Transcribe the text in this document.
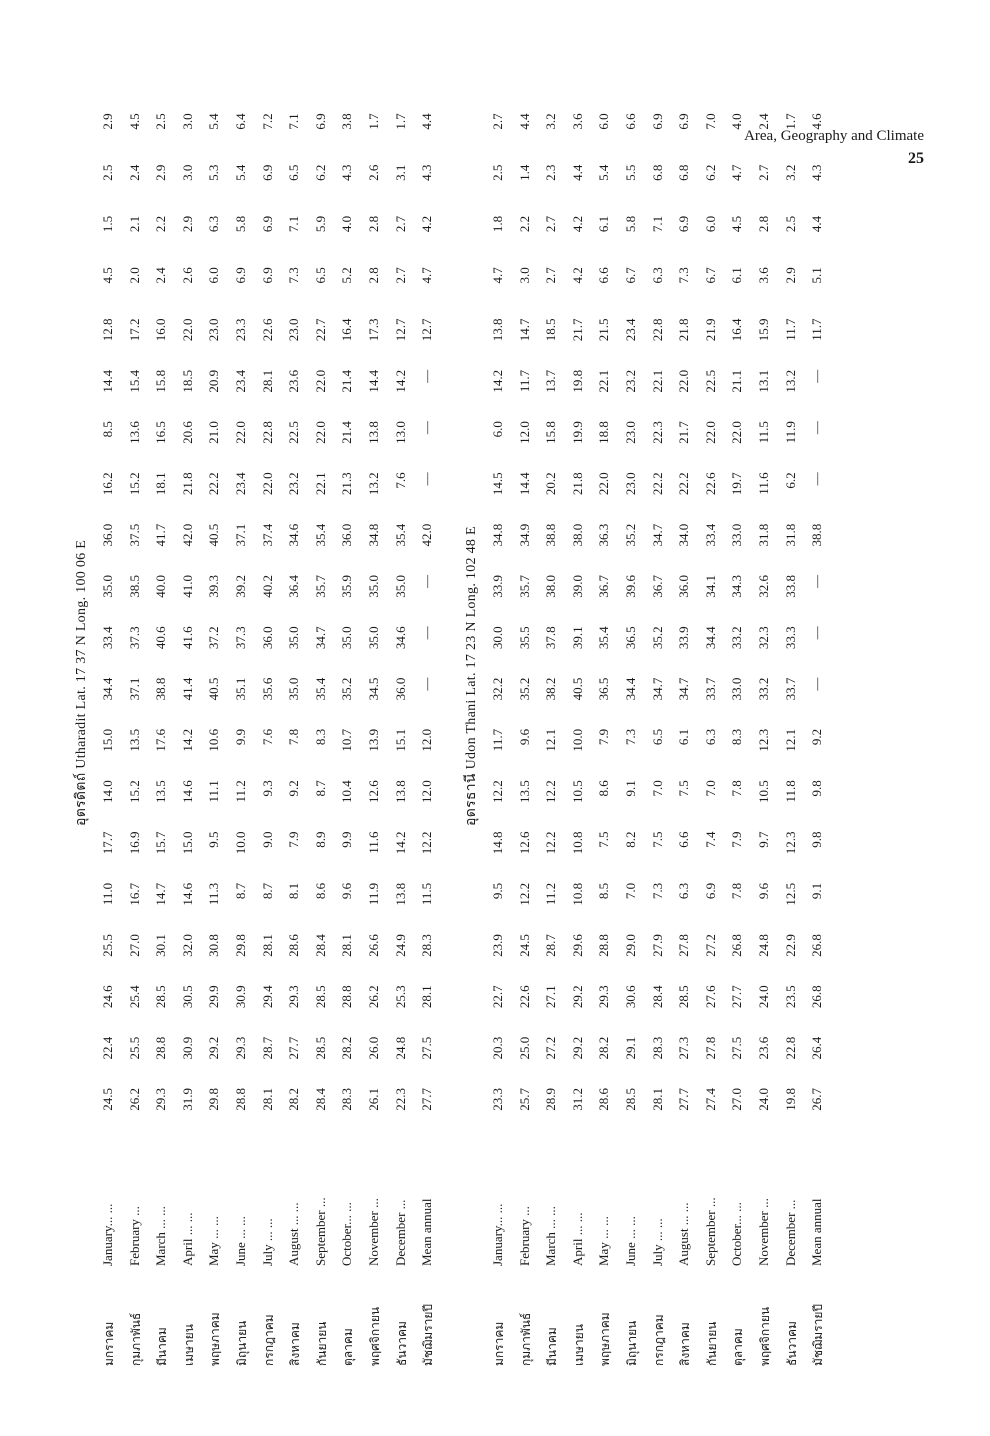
Area, Geography and Climate
25
อุตรดิตถ์ Utharadit Lat. 17 37 N Long. 100 06 E
มกราคม
January... ...
24.5
22.4
24.6
25.5
11.0
17.7
14.0
15.0
34.4
33.4
35.0
36.0
16.2
8.5
14.4
12.8
4.5
1.5
2.5
2.9
กุมภาพันธ์
February ...
26.2
25.5
25.4
27.0
16.7
16.9
15.2
13.5
37.1
37.3
38.5
37.5
15.2
13.6
15.4
17.2
2.0
2.1
2.4
4.5
มีนาคม
March ... ...
29.3
28.8
28.5
30.1
14.7
15.7
13.5
17.6
38.8
40.6
40.0
41.7
18.1
16.5
15.8
16.0
2.4
2.2
2.9
2.5
เมษายน
April ... ...
31.9
30.9
30.5
32.0
14.6
15.0
14.6
14.2
41.4
41.6
41.0
42.0
21.8
20.6
18.5
22.0
2.6
2.9
3.0
3.0
พฤษภาคม
May ... ...
29.8
29.2
29.9
30.8
11.3
9.5
11.1
10.6
40.5
37.2
39.3
40.5
22.2
21.0
20.9
23.0
6.0
6.3
5.3
5.4
มิถุนายน
June ... ...
28.8
29.3
30.9
29.8
8.7
10.0
11.2
9.9
35.1
37.3
39.2
37.1
23.4
22.0
23.4
23.3
6.9
5.8
5.4
6.4
กรกฎาคม
July ... ...
28.1
28.7
29.4
28.1
8.7
9.0
9.3
7.6
35.6
36.0
40.2
37.4
22.0
22.8
28.1
22.6
6.9
6.9
6.9
7.2
สิงหาคม
August ... ...
28.2
27.7
29.3
28.6
8.1
7.9
9.2
7.8
35.0
35.0
36.4
34.6
23.2
22.5
23.6
23.0
7.3
7.1
6.5
7.1
กันยายน
September ...
28.4
28.5
28.5
28.4
8.6
8.9
8.7
8.3
35.4
34.7
35.7
35.4
22.1
22.0
22.0
22.7
6.5
5.9
6.2
6.9
ตุลาคม
October... ...
28.3
28.2
28.8
28.1
9.6
9.9
10.4
10.7
35.2
35.0
35.9
36.0
21.3
21.4
21.4
16.4
5.2
4.0
4.3
3.8
พฤศจิกายน
November ...
26.1
26.0
26.2
26.6
11.9
11.6
12.6
13.9
34.5
35.0
35.0
34.8
13.2
13.8
14.4
17.3
2.8
2.8
2.6
1.7
ธันวาคม
December ...
22.3
24.8
25.3
24.9
13.8
14.2
13.8
15.1
36.0
34.6
35.0
35.4
7.6
13.0
14.2
12.7
2.7
2.7
3.1
1.7
มัชฌิมรายปี
Mean annual
27.7
27.5
28.1
28.3
11.5
12.2
12.0
12.0
—
—
—
42.0
—
—
—
12.7
4.7
4.2
4.3
4.4
อุดรธานี Udon Thani Lat. 17 23 N Long. 102 48 E
มกราคม
January... ...
23.3
20.3
22.7
23.9
9.5
14.8
12.2
11.7
32.2
30.0
33.9
34.8
14.5
6.0
14.2
13.8
4.7
1.8
2.5
2.7
กุมภาพันธ์
February ...
25.7
25.0
22.6
24.5
12.2
12.6
13.5
9.6
35.2
35.5
35.7
34.9
14.4
12.0
11.7
14.7
3.0
2.2
1.4
4.4
มีนาคม
March ... ...
28.9
27.2
27.1
28.7
11.2
12.2
12.2
12.1
38.2
37.8
38.0
38.8
20.2
15.8
13.7
18.5
2.7
2.7
2.3
3.2
เมษายน
April ... ...
31.2
29.2
29.2
29.6
10.8
10.8
10.5
10.0
40.5
39.1
39.0
38.0
21.8
19.9
19.8
21.7
4.2
4.2
4.4
3.6
พฤษภาคม
May ... ...
28.6
28.2
29.3
28.8
8.5
7.5
8.6
7.9
36.5
35.4
36.7
36.3
22.0
18.8
22.1
21.5
6.6
6.1
5.4
6.0
มิถุนายน
June ... ...
28.5
29.1
30.6
29.0
7.0
8.2
9.1
7.3
34.4
36.5
39.6
35.2
23.0
23.0
23.2
23.4
6.7
5.8
5.5
6.6
กรกฎาคม
July ... ...
28.1
28.3
28.4
27.9
7.3
7.5
7.0
6.5
34.7
35.2
36.7
34.7
22.2
22.3
22.1
22.8
6.3
7.1
6.8
6.9
สิงหาคม
August ... ...
27.7
27.3
28.5
27.8
6.3
6.6
7.5
6.1
34.7
33.9
36.0
34.0
22.2
21.7
22.0
21.8
7.3
6.9
6.8
6.9
กันยายน
September ...
27.4
27.8
27.6
27.2
6.9
7.4
7.0
6.3
33.7
34.4
34.1
33.4
22.6
22.0
22.5
21.9
6.7
6.0
6.2
7.0
ตุลาคม
October... ...
27.0
27.5
27.7
26.8
7.8
7.9
7.8
8.3
33.0
33.2
34.3
33.0
19.7
22.0
21.1
16.4
6.1
4.5
4.7
4.0
พฤศจิกายน
November ...
24.0
23.6
24.0
24.8
9.6
9.7
10.5
12.3
33.2
32.3
32.6
31.8
11.6
11.5
13.1
15.9
3.6
2.8
2.7
2.4
ธันวาคม
December ...
19.8
22.8
23.5
22.9
12.5
12.3
11.8
12.1
33.7
33.3
33.8
31.8
6.2
11.9
13.2
11.7
2.9
2.5
3.2
1.7
มัชฌิมรายปี
Mean annual
26.7
26.4
26.8
26.8
9.1
9.8
9.8
9.2
—
—
—
38.8
—
—
—
11.7
5.1
4.4
4.3
4.6
